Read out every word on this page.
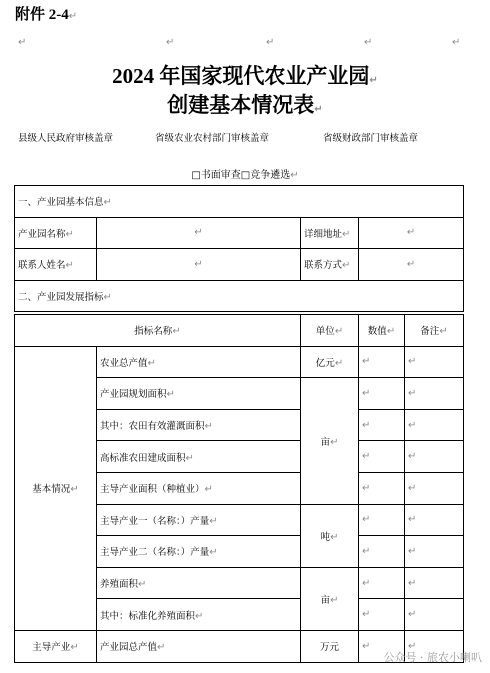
附件 2-4↵
↵	↵	↵	↵	↵
2024 年国家现代农业产业园↵
创建基本情况表↵
县级人民政府审核盖章	省级农业农村部门审核盖章	省级财政部门审核盖章
□书面审查□竞争遴选↵
一、产业园基本信息↵			
产业园名称↵	↵	详细地址↵	↵
联系人姓名↵	↵	联系方式↵	↵
二、产业园发展指标↵			
指标名称↵		单位↵	数值↵	备注↵
基本情况↵	农业总产值↵	亿元↵	↵	↵
	产业园规划面积↵	亩↵	↵	↵
	其中：农田有效灌溉面积↵		↵	↵
	高标准农田建成面积↵		↵	↵
	主导产业面积（种植业）↵		↵	↵
	主导产业一（名称：）产量↵	吨↵	↵	↵
	主导产业二（名称：）产量↵		↵	↵
	养殖面积↵	亩↵	↵	↵
	其中：标准化养殖面积↵		↵	↵
主导产业↵	产业园总产值↵	万元	↵	↵
公众号 · 旅农小喇叭
